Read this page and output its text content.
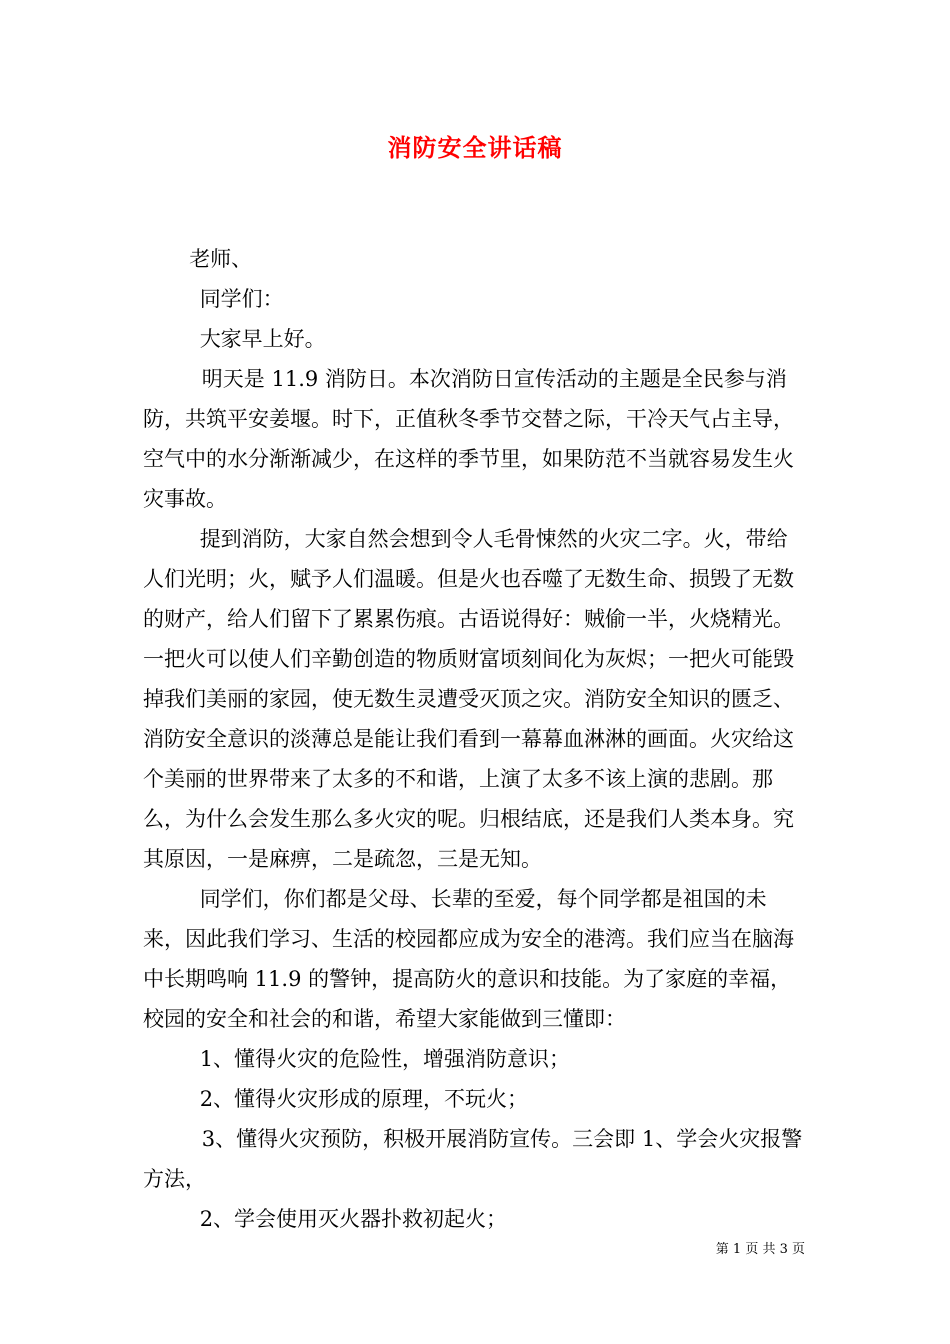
消防安全讲话稿

老师、

同学们：

大家早上好。

明天是 11.9 消防日。本次消防日宣传活动的主题是全民参与消防，共筑平安姜堰。时下，正值秋冬季节交替之际，干冷天气占主导，空气中的水分渐渐减少，在这样的季节里，如果防范不当就容易发生火灾事故。

提到消防，大家自然会想到令人毛骨悚然的火灾二字。火，带给人们光明；火，赋予人们温暖。但是火也吞噬了无数生命、损毁了无数的财产，给人们留下了累累伤痕。古语说得好：贼偷一半，火烧精光。一把火可以使人们辛勤创造的物质财富顷刻间化为灰烬；一把火可能毁掉我们美丽的家园，使无数生灵遭受灭顶之灾。消防安全知识的匮乏、消防安全意识的淡薄总是能让我们看到一幕幕血淋淋的画面。火灾给这个美丽的世界带来了太多的不和谐，上演了太多不该上演的悲剧。那么，为什么会发生那么多火灾的呢。归根结底，还是我们人类本身。究其原因，一是麻痹，二是疏忽，三是无知。

同学们，你们都是父母、长辈的至爱，每个同学都是祖国的未来，因此我们学习、生活的校园都应成为安全的港湾。我们应当在脑海中长期鸣响 11.9 的警钟，提高防火的意识和技能。为了家庭的幸福，校园的安全和社会的和谐，希望大家能做到三懂即：

1、懂得火灾的危险性，增强消防意识；

2、懂得火灾形成的原理，不玩火；

3、懂得火灾预防，积极开展消防宣传。三会即 1、学会火灾报警方法，

2、学会使用灭火器扑救初起火；

第 1 页 共 3 页
